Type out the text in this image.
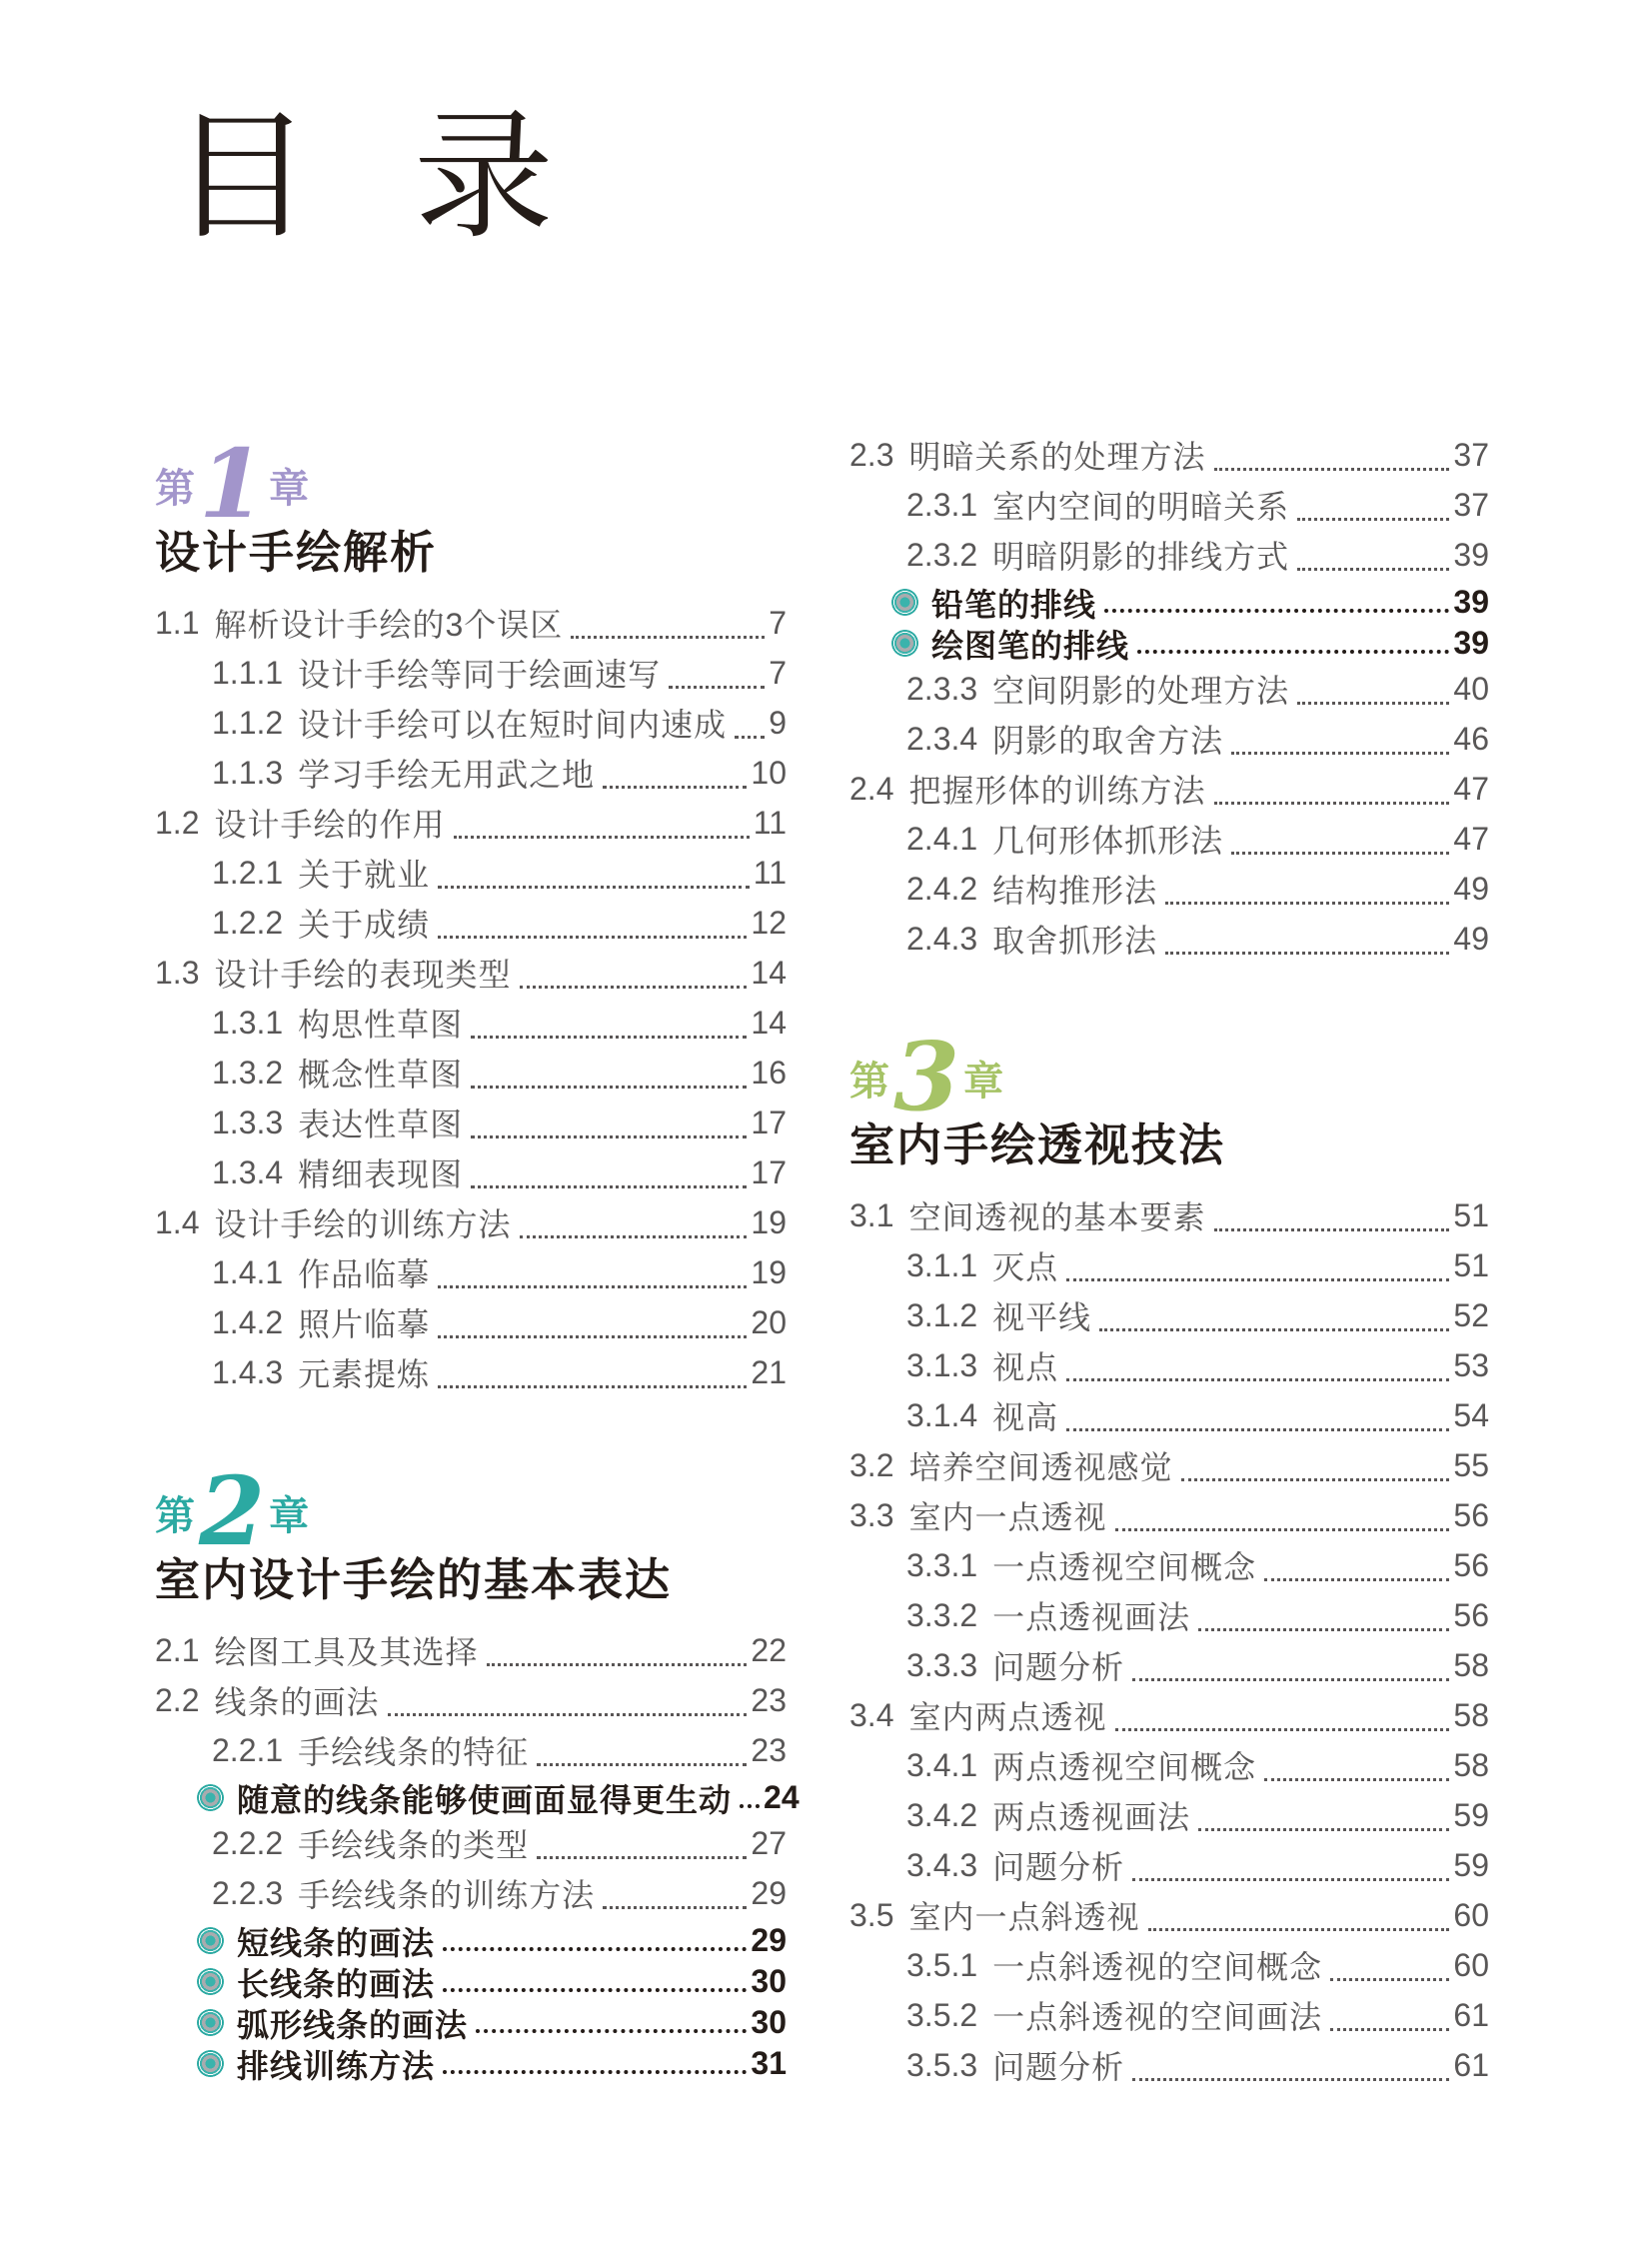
目 录
第 1 章
设计手绘解析
1.1 解析设计手绘的3个误区	7
1.1.1 设计手绘等同于绘画速写	7
1.1.2 设计手绘可以在短时间内速成 9
1.1.3 学习手绘无用武之地	10
1.2 设计手绘的作用	11
1.2.1 关于就业	11
1.2.2 关于成绩	12
1.3 设计手绘的表现类型	14
1.3.1 构思性草图	14
1.3.2 概念性草图	16
1.3.3 表达性草图	17
1.3.4 精细表现图	17
1.4 设计手绘的训练方法	19
1.4.1 作品临摹	19
1.4.2 照片临摹	20
1.4.3 元素提炼	21
第 2 章
室内设计手绘的基本表达
2.1 绘图工具及其选择	22
2.2 线条的画法	23
2.2.1 手绘线条的特征	23
随意的线条能够使画面显得更生动 24
2.2.2 手绘线条的类型	27
2.2.3 手绘线条的训练方法	29
短线条的画法	29
长线条的画法	30
弧形线条的画法	30
排线训练方法	31
2.3 明暗关系的处理方法	37
2.3.1 室内空间的明暗关系	37
2.3.2 明暗阴影的排线方式	39
铅笔的排线	39
绘图笔的排线	39
2.3.3 空间阴影的处理方法	40
2.3.4 阴影的取舍方法	46
2.4 把握形体的训练方法	47
2.4.1 几何形体抓形法	47
2.4.2 结构推形法	49
2.4.3 取舍抓形法	49
第 3 章
室内手绘透视技法
3.1 空间透视的基本要素	51
3.1.1 灭点	51
3.1.2 视平线	52
3.1.3 视点	53
3.1.4 视高	54
3.2 培养空间透视感觉	55
3.3 室内一点透视	56
3.3.1 一点透视空间概念	56
3.3.2 一点透视画法	56
3.3.3 问题分析	58
3.4 室内两点透视	58
3.4.1 两点透视空间概念	58
3.4.2 两点透视画法	59
3.4.3 问题分析	59
3.5 室内一点斜透视	60
3.5.1 一点斜透视的空间概念	60
3.5.2 一点斜透视的空间画法	61
3.5.3 问题分析	61
